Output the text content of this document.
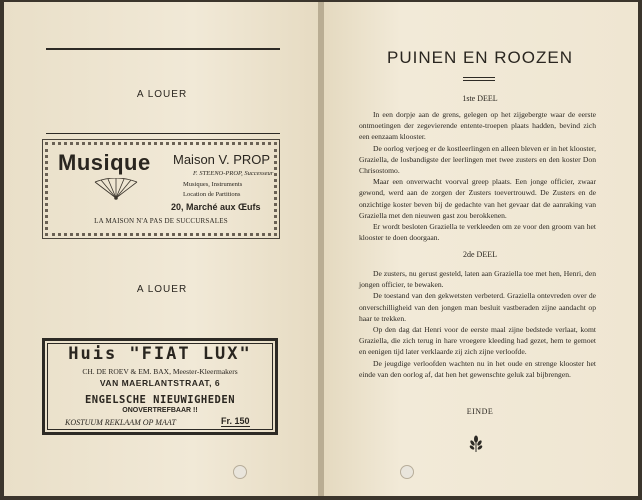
A LOUER
Musique Maison V. PROP
F. STEENO-PROP, Successeur
Musiques, Instruments
Location de Partitions
20, Marché aux Œufs
LA MAISON N'A PAS DE SUCCURSALES
A LOUER
Huis "FIAT LUX"
CH. DE ROEV & EM. BAX, Meester-Kleermakers
VAN MAERLANTSTRAAT, 6
ENGELSCHE NIEUWIGHEDEN
ONOVERTREFBAAR !!
KOSTUUM REKLAAM OP MAAT	Fr. 150
PUINEN EN ROOZEN
1ste DEEL

In een dorpje aan de grens, gelegen op het zijgebergte waar de eerste ontmoetingen der zegevierende entente-troepen plaats hadden, bevind zich een eenzaam klooster.

De oorlog verjoeg er de kostleerlingen en alleen bleven er in het klooster, Graziella, de losbandigste der leerlingen met twee zusters en den koster Don Chrisostomo.

Maar een onverwacht voorval greep plaats. Een jonge officier, zwaar gewond, werd aan de zorgen der Zusters toevertrouwd. De Zusters en de onzichtige koster beven bij de gedachte van het gevaar dat de aanraking van Graziella met den nieuwen gast zou berokkenen.

Er wordt besloten Graziella te verkleeden om ze voor den groom van het klooster te doen doorgaan.

2de DEEL

De zusters, nu gerust gesteld, laten aan Graziella toe met hen, Henri, den jongen officier, te bewaken.

De toestand van den gekwetsten verbeterd. Graziella ontevreden over de onverschilligheid van den jongen man besluit vastberaden zijne aandacht op haar te trekken.

Op den dag dat Henri voor de eerste maal zijne bedstede verlaat, komt Graziella, die zich terug in hare vroegere kleeding had gezet, hem te gemoet en eenigen tijd later verklaarde zij zich zijne verloofde.

De jeugdige verloofden wachten nu in het oude en strenge klooster het einde van den oorlog af, dat hen het gewenschte geluk zal bijbrengen.

EINDE
